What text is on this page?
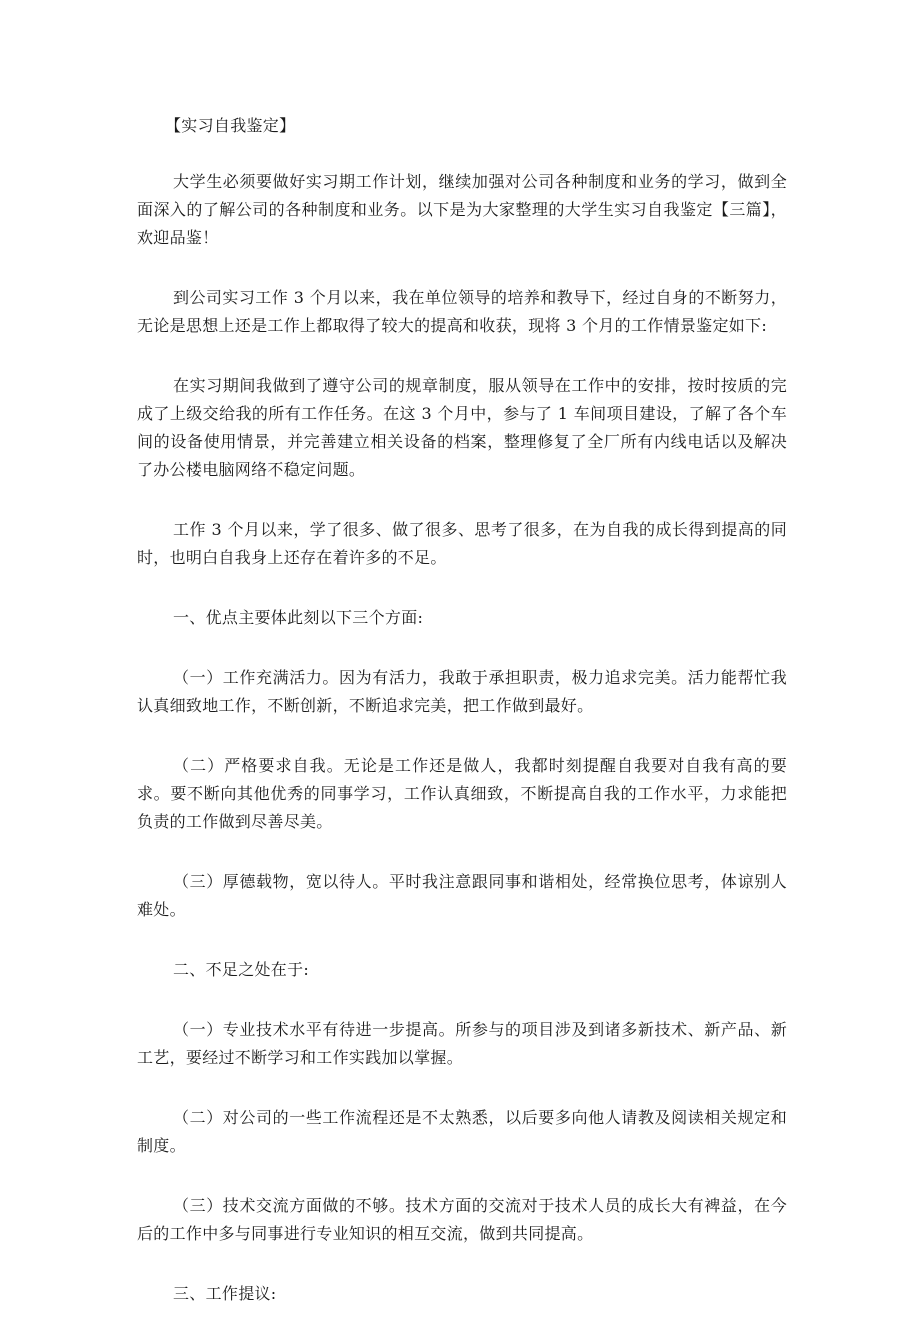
【实习自我鉴定】

大学生必须要做好实习期工作计划，继续加强对公司各种制度和业务的学习，做到全面深入的了解公司的各种制度和业务。以下是为大家整理的大学生实习自我鉴定【三篇】，欢迎品鉴！

到公司实习工作 3 个月以来，我在单位领导的培养和教导下，经过自身的不断努力，无论是思想上还是工作上都取得了较大的提高和收获，现将 3 个月的工作情景鉴定如下:

在实习期间我做到了遵守公司的规章制度，服从领导在工作中的安排，按时按质的完成了上级交给我的所有工作任务。在这 3 个月中，参与了 1 车间项目建设，了解了各个车间的设备使用情景，并完善建立相关设备的档案，整理修复了全厂所有内线电话以及解决了办公楼电脑网络不稳定问题。

工作 3 个月以来，学了很多、做了很多、思考了很多，在为自我的成长得到提高的同时，也明白自我身上还存在着许多的不足。

一、优点主要体此刻以下三个方面:

（一）工作充满活力。因为有活力，我敢于承担职责，极力追求完美。活力能帮忙我认真细致地工作，不断创新，不断追求完美，把工作做到最好。

（二）严格要求自我。无论是工作还是做人，我都时刻提醒自我要对自我有高的要求。要不断向其他优秀的同事学习，工作认真细致，不断提高自我的工作水平，力求能把负责的工作做到尽善尽美。

（三）厚德载物，宽以待人。平时我注意跟同事和谐相处，经常换位思考，体谅别人难处。

二、不足之处在于:

（一）专业技术水平有待进一步提高。所参与的项目涉及到诸多新技术、新产品、新工艺，要经过不断学习和工作实践加以掌握。

（二）对公司的一些工作流程还是不太熟悉，以后要多向他人请教及阅读相关规定和制度。

（三）技术交流方面做的不够。技术方面的交流对于技术人员的成长大有裨益，在今后的工作中多与同事进行专业知识的相互交流，做到共同提高。

三、工作提议:
